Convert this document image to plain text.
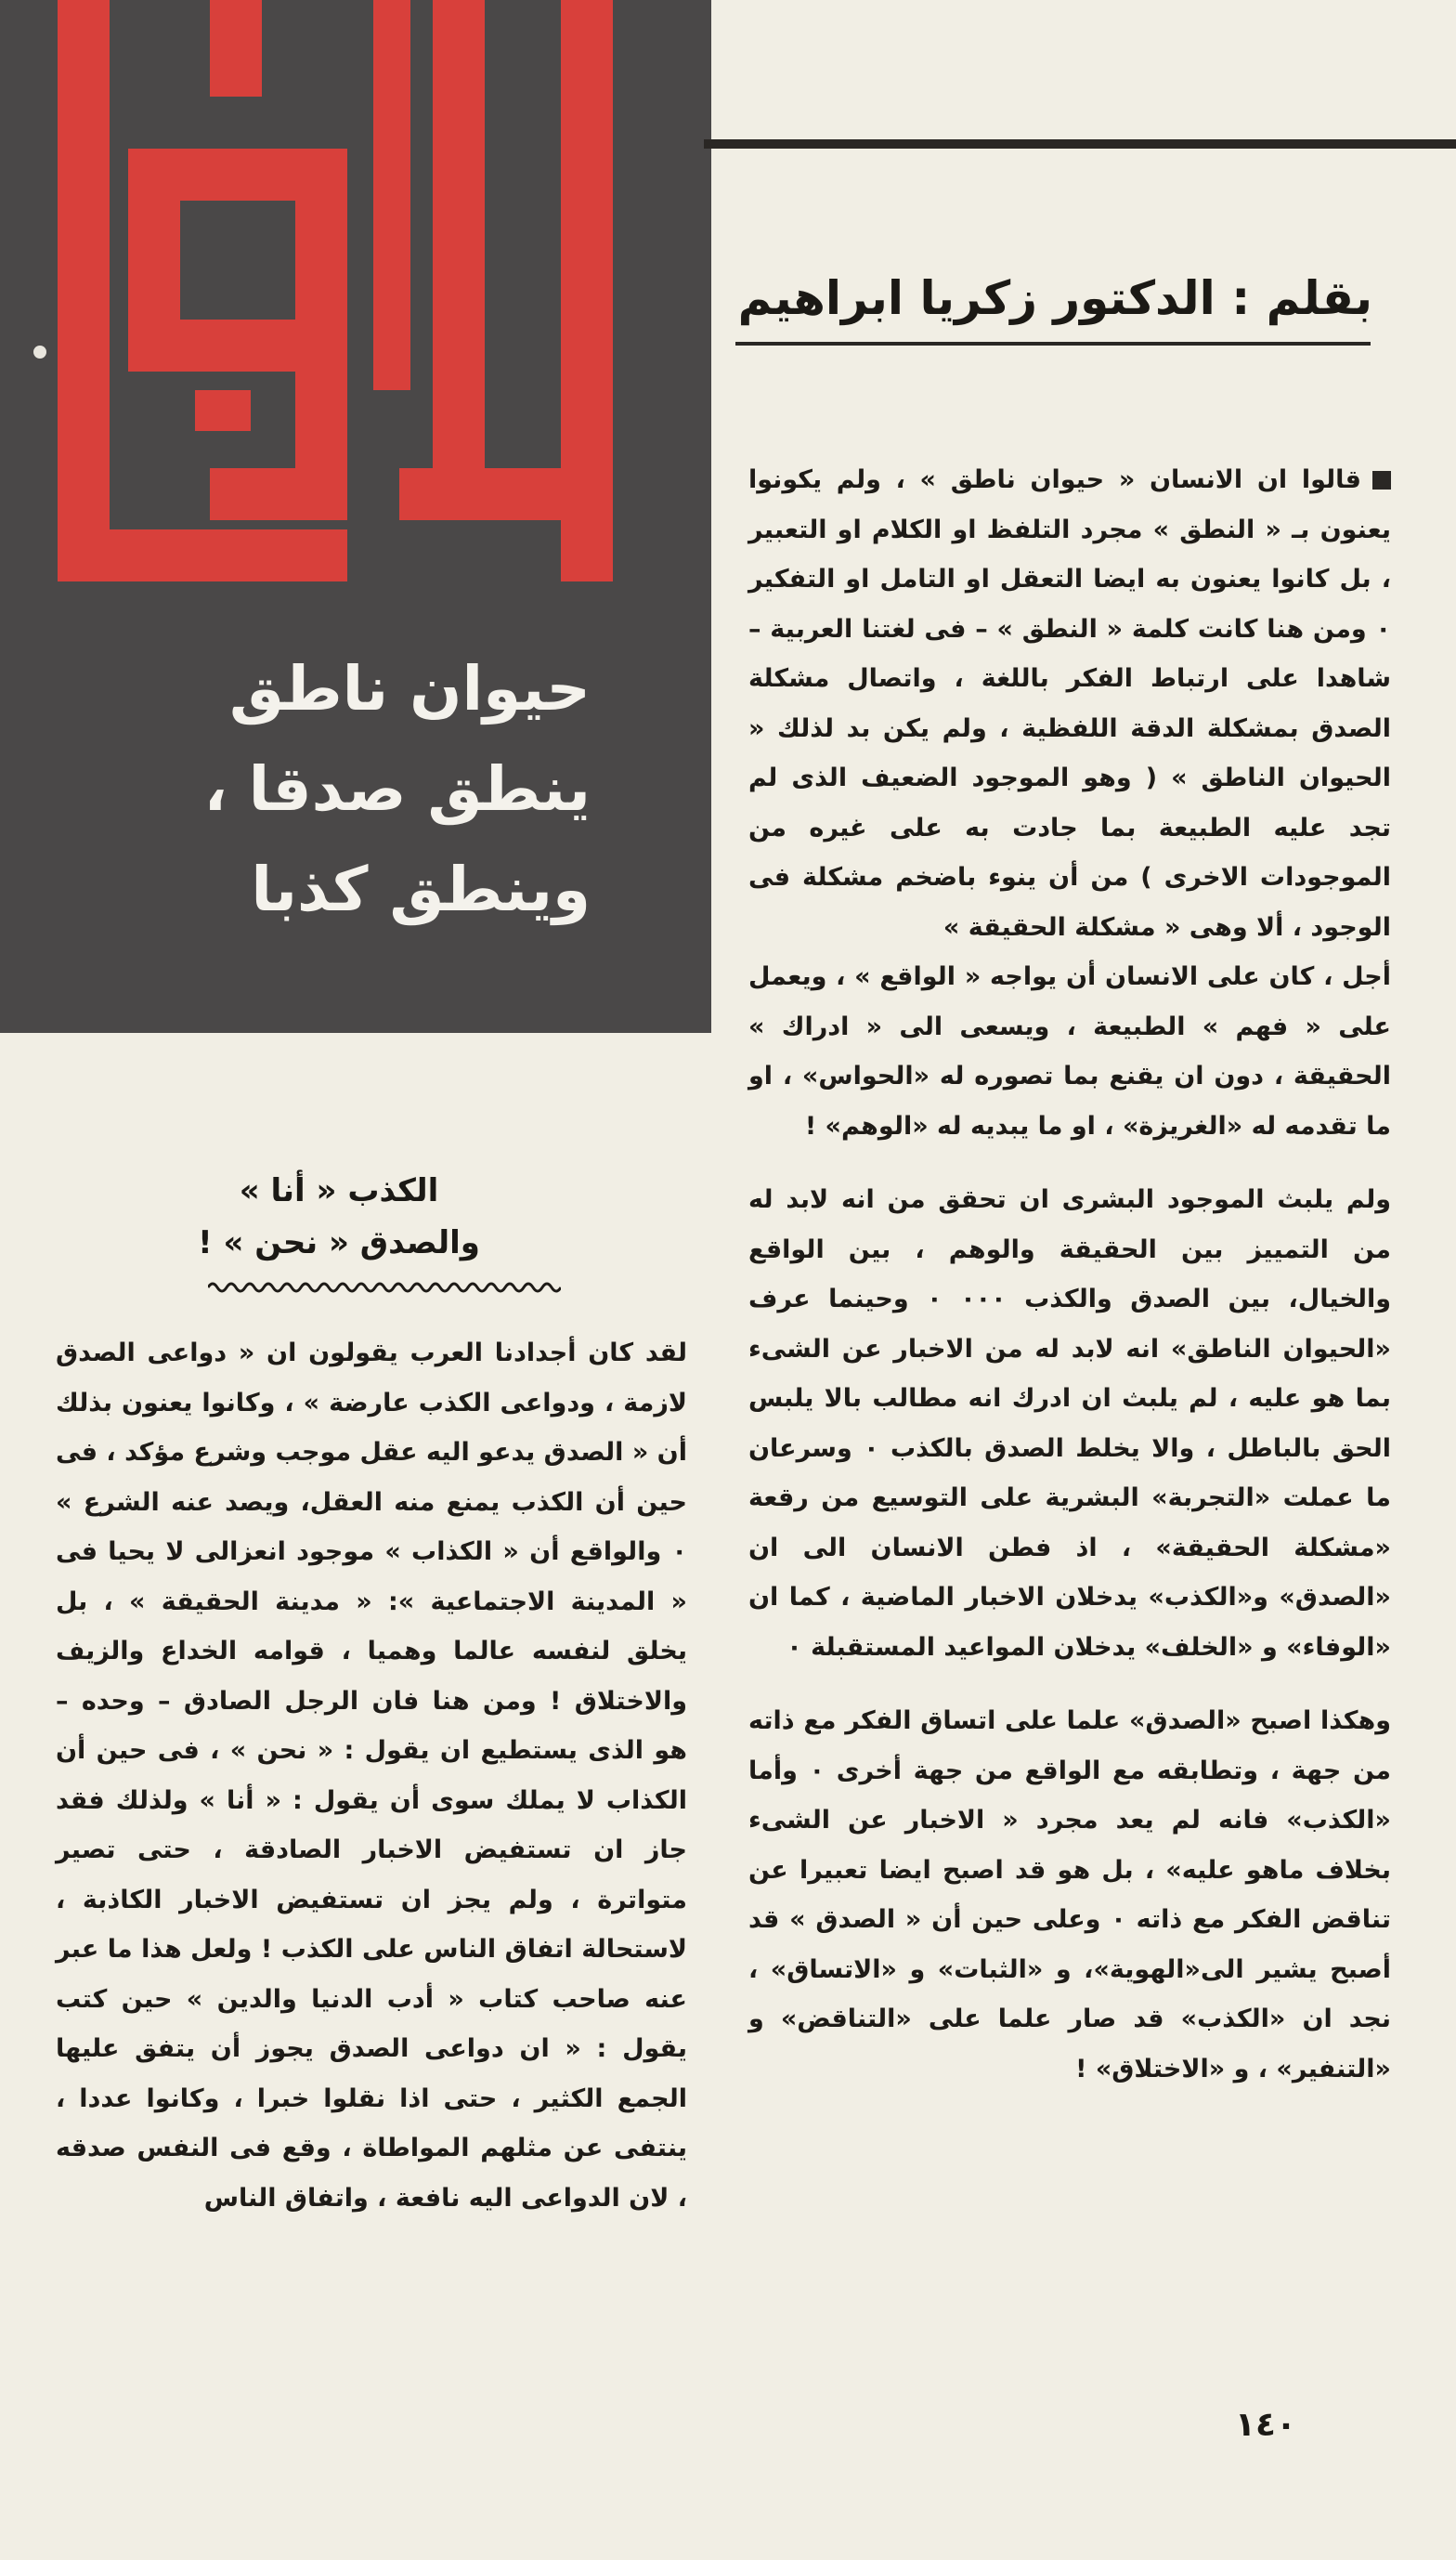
حيوان ناطق
ينطق صدقا ،
وينطق كذبا
بقلم : الدكتور زكريا ابراهيم

قالوا ان الانسان « حيوان ناطق » ، ولم يكونوا يعنون بـ « النطق » مجرد التلفظ او الكلام او التعبير ، بل كانوا يعنون به ايضا التعقل او التامل او التفكير ٠ ومن هنا كانت كلمة « النطق » – فى لغتنا العربية – شاهدا على ارتباط الفكر باللغة ، واتصال مشكلة الصدق بمشكلة الدقة اللفظية ، ولم يكن بد لذلك « الحيوان الناطق » ( وهو الموجود الضعيف الذى لم تجد عليه الطبيعة بما جادت به على غيره من الموجودات الاخرى ) من أن ينوء باضخم مشكلة فى الوجود ، ألا وهى « مشكلة الحقيقة »

أجل ، كان على الانسان أن يواجه « الواقع » ، ويعمل على « فهم » الطبيعة ، ويسعى الى « ادراك » الحقيقة ، دون ان يقنع بما تصوره له «الحواس» ، او ما تقدمه له «الغريزة» ، او ما يبديه له «الوهم» !

ولم يلبث الموجود البشرى ان تحقق من انه لابد له من التمييز بين الحقيقة والوهم ، بين الواقع والخيال، بين الصدق والكذب ٠٠٠ ٠ وحينما عرف «الحيوان الناطق» انه لابد له من الاخبار عن الشىء بما هو عليه ، لم يلبث ان ادرك انه مطالب بالا يلبس الحق بالباطل ، والا يخلط الصدق بالكذب ٠ وسرعان ما عملت «التجربة» البشرية على التوسيع من رقعة «مشكلة الحقيقة» ، اذ فطن الانسان الى ان «الصدق» و«الكذب» يدخلان الاخبار الماضية ، كما ان «الوفاء» و «الخلف» يدخلان المواعيد المستقبلة ٠

وهكذا اصبح «الصدق» علما على اتساق الفكر مع ذاته من جهة ، وتطابقه مع الواقع من جهة أخرى ٠ وأما «الكذب» فانه لم يعد مجرد « الاخبار عن الشىء بخلاف ماهو عليه» ، بل هو قد اصبح ايضا تعبيرا عن تناقض الفكر مع ذاته ٠ وعلى حين أن « الصدق » قد أصبح يشير الى«الهوية»، و «الثبات» و «الاتساق» ، نجد ان «الكذب» قد صار علما على «التناقض» و «التنفير» ، و «الاختلاق» !

الكذب « أنا »
والصدق « نحن » !

لقد كان أجدادنا العرب يقولون ان « دواعى الصدق لازمة ، ودواعى الكذب عارضة » ، وكانوا يعنون بذلك أن « الصدق يدعو اليه عقل موجب وشرع مؤكد ، فى حين أن الكذب يمنع منه العقل، ويصد عنه الشرع » ٠ والواقع أن « الكذاب » موجود انعزالى لا يحيا فى « المدينة الاجتماعية »: « مدينة الحقيقة » ، بل يخلق لنفسه عالما وهميا ، قوامه الخداع والزيف والاختلاق ! ومن هنا فان الرجل الصادق – وحده – هو الذى يستطيع ان يقول : « نحن » ، فى حين أن الكذاب لا يملك سوى أن يقول : « أنا » ولذلك فقد جاز ان تستفيض الاخبار الصادقة ، حتى تصير متواترة ، ولم يجز ان تستفيض الاخبار الكاذبة ، لاستحالة اتفاق الناس على الكذب ! ولعل هذا ما عبر عنه صاحب كتاب « أدب الدنيا والدين » حين كتب يقول : « ان دواعى الصدق يجوز أن يتفق عليها الجمع الكثير ، حتى اذا نقلوا خبرا ، وكانوا عددا ، ينتفى عن مثلهم المواطاة ، وقع فى النفس صدقه ، لان الدواعى اليه نافعة ، واتفاق الناس

١٤٠
